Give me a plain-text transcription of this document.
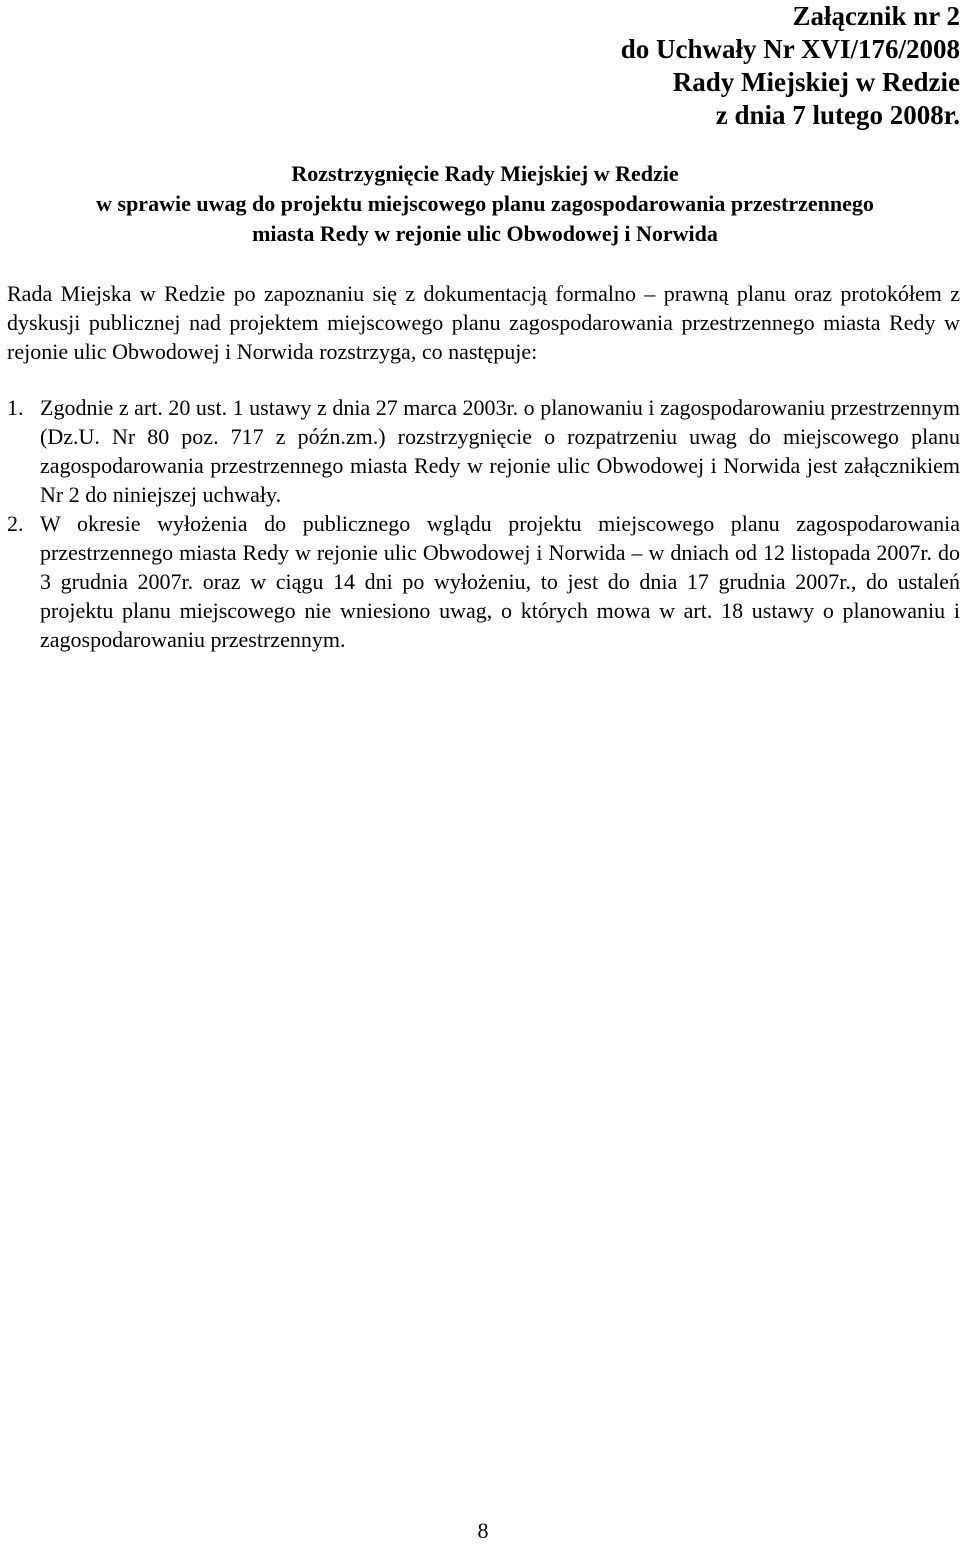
Załącznik nr 2
do Uchwały Nr XVI/176/2008
Rady Miejskiej w Redzie
z dnia 7 lutego 2008r.
Rozstrzygnięcie Rady Miejskiej w Redzie
w sprawie uwag do projektu miejscowego planu zagospodarowania przestrzennego
miasta Redy w rejonie ulic Obwodowej i Norwida

Rada Miejska w Redzie po zapoznaniu się z dokumentacją formalno – prawną planu oraz protokółem z dyskusji publicznej nad projektem miejscowego planu zagospodarowania przestrzennego miasta Redy w rejonie ulic Obwodowej i Norwida rozstrzyga, co następuje:

1. Zgodnie z art. 20 ust. 1 ustawy z dnia 27 marca 2003r. o planowaniu i zagospodarowaniu przestrzennym (Dz.U. Nr 80 poz. 717 z późn.zm.) rozstrzygnięcie o rozpatrzeniu uwag do miejscowego planu zagospodarowania przestrzennego miasta Redy w rejonie ulic Obwodowej i Norwida jest załącznikiem Nr 2 do niniejszej uchwały.
2. W okresie wyłożenia do publicznego wglądu projektu miejscowego planu zagospodarowania przestrzennego miasta Redy w rejonie ulic Obwodowej i Norwida – w dniach od 12 listopada 2007r. do 3 grudnia 2007r. oraz w ciągu 14 dni po wyłożeniu, to jest do dnia 17 grudnia 2007r., do ustaleń projektu planu miejscowego nie wniesiono uwag, o których mowa w art. 18 ustawy o planowaniu i zagospodarowaniu przestrzennym.
8
